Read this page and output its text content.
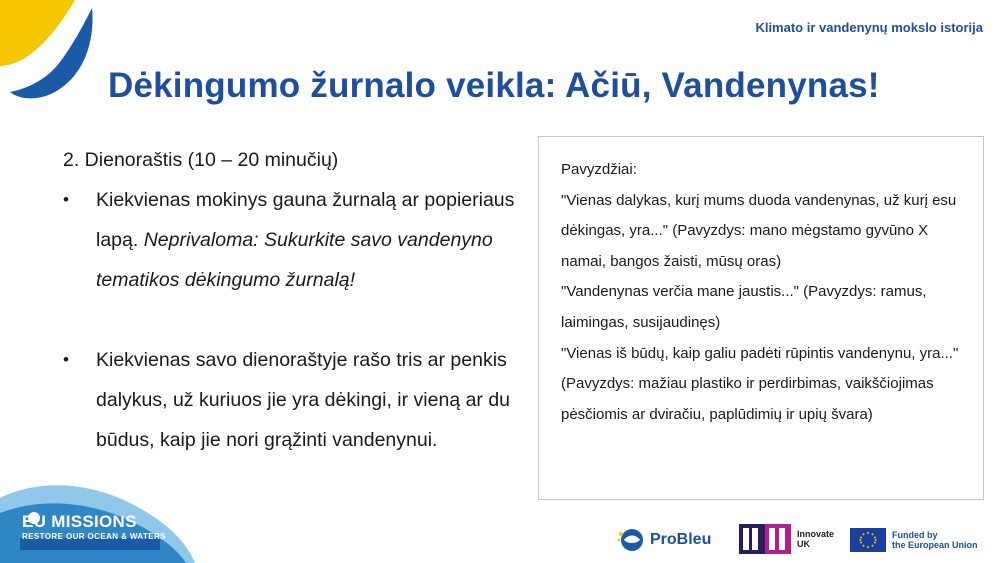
Klimato ir vandenynų mokslo istorija
Dėkingumo žurnalo veikla: Ačiū, Vandenynas!

2. Dienoraštis (10 – 20 minučių)

• Kiekvienas mokinys gauna žurnalą ar popieriaus lapą. Neprivaloma: Sukurkite savo vandenyno tematikos dėkingumo žurnalą!
• Kiekvienas savo dienoraštyje rašo tris ar penkis dalykus, už kuriuos jie yra dėkingi, ir vieną ar du būdus, kaip jie nori grąžinti vandenynui.

Pavyzdžiai:

"Vienas dalykas, kurį mums duoda vandenynas, už kurį esu dėkingas, yra..." (Pavyzdys: mano mėgstamo gyvūno X namai, bangos žaisti, mūsų oras)

"Vandenynas verčia mane jaustis..." (Pavyzdys: ramus, laimingas, susijaudinęs)

"Vienas iš būdų, kaip galiu padėti rūpintis vandenynu, yra..." (Pavyzdys: mažiau plastiko ir perdirbimas, vaikščiojimas pėsčiomis ar dviračiu, paplūdimių ir upių švara)

EU MISSIONS
RESTORE OUR OCEAN & WATERS	ProBleu	Innovate
UK
Funded by
the European Union
